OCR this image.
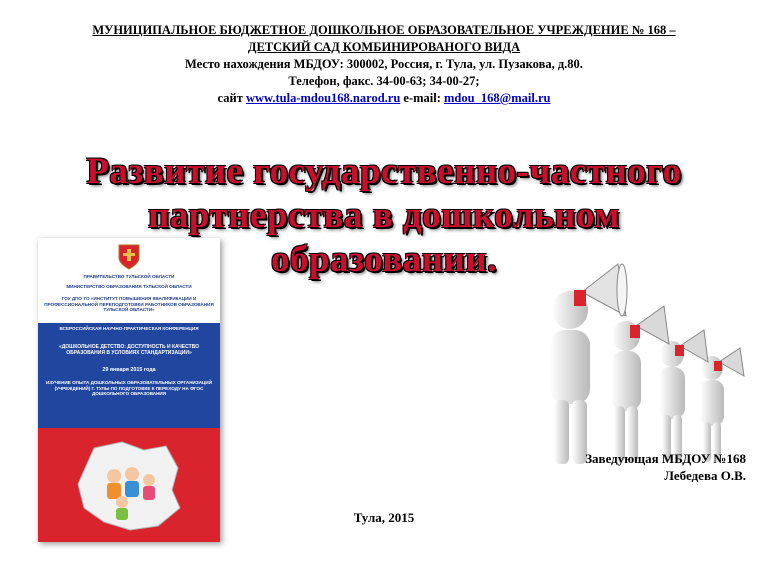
МУНИЦИПАЛЬНОЕ БЮДЖЕТНОЕ ДОШКОЛЬНОЕ ОБРАЗОВАТЕЛЬНОЕ УЧРЕЖДЕНИЕ № 168 –
ДЕТСКИЙ САД КОМБИНИРОВАНОГО ВИДА
Место нахождения МБДОУ: 300002, Россия, г. Тула, ул. Пузакова, д.80.
Телефон, факс. 34-00-63; 34-00-27;
сайт www.tula-mdou168.narod.ru e-mail: mdou_168@mail.ru
Развитие государственно-частного
партнерства в дошкольном
образовании.
ПРАВИТЕЛЬСТВО ТУЛЬСКОЙ ОБЛАСТИ
МИНИСТЕРСТВО ОБРАЗОВАНИЯ ТУЛЬСКОЙ ОБЛАСТИ
ГОУ ДПО ТО «ИНСТИТУТ ПОВЫШЕНИЯ КВАЛИФИКАЦИИ И ПРОФЕССИОНАЛЬНОЙ ПЕРЕПОДГОТОВКИ РАБОТНИКОВ ОБРАЗОВАНИЯ ТУЛЬСКОЙ ОБЛАСТИ»
ВСЕРОССИЙСКАЯ НАУЧНО-ПРАКТИЧЕСКАЯ КОНФЕРЕНЦИЯ
«ДОШКОЛЬНОЕ ДЕТСТВО: ДОСТУПНОСТЬ И КАЧЕСТВО ОБРАЗОВАНИЯ В УСЛОВИЯХ СТАНДАРТИЗАЦИИ»
29 января 2015 года
ИЗУЧЕНИЕ ОПЫТА ДОШКОЛЬНЫХ ОБРАЗОВАТЕЛЬНЫХ ОРГАНИЗАЦИЙ (УЧРЕЖДЕНИЙ) Г. ТУЛЫ ПО ПОДГОТОВКЕ К ПЕРЕХОДУ НА ФГОС ДОШКОЛЬНОГО ОБРАЗОВАНИЯ
Заведующая МБДОУ №168
Лебедева О.В.
Тула, 2015
